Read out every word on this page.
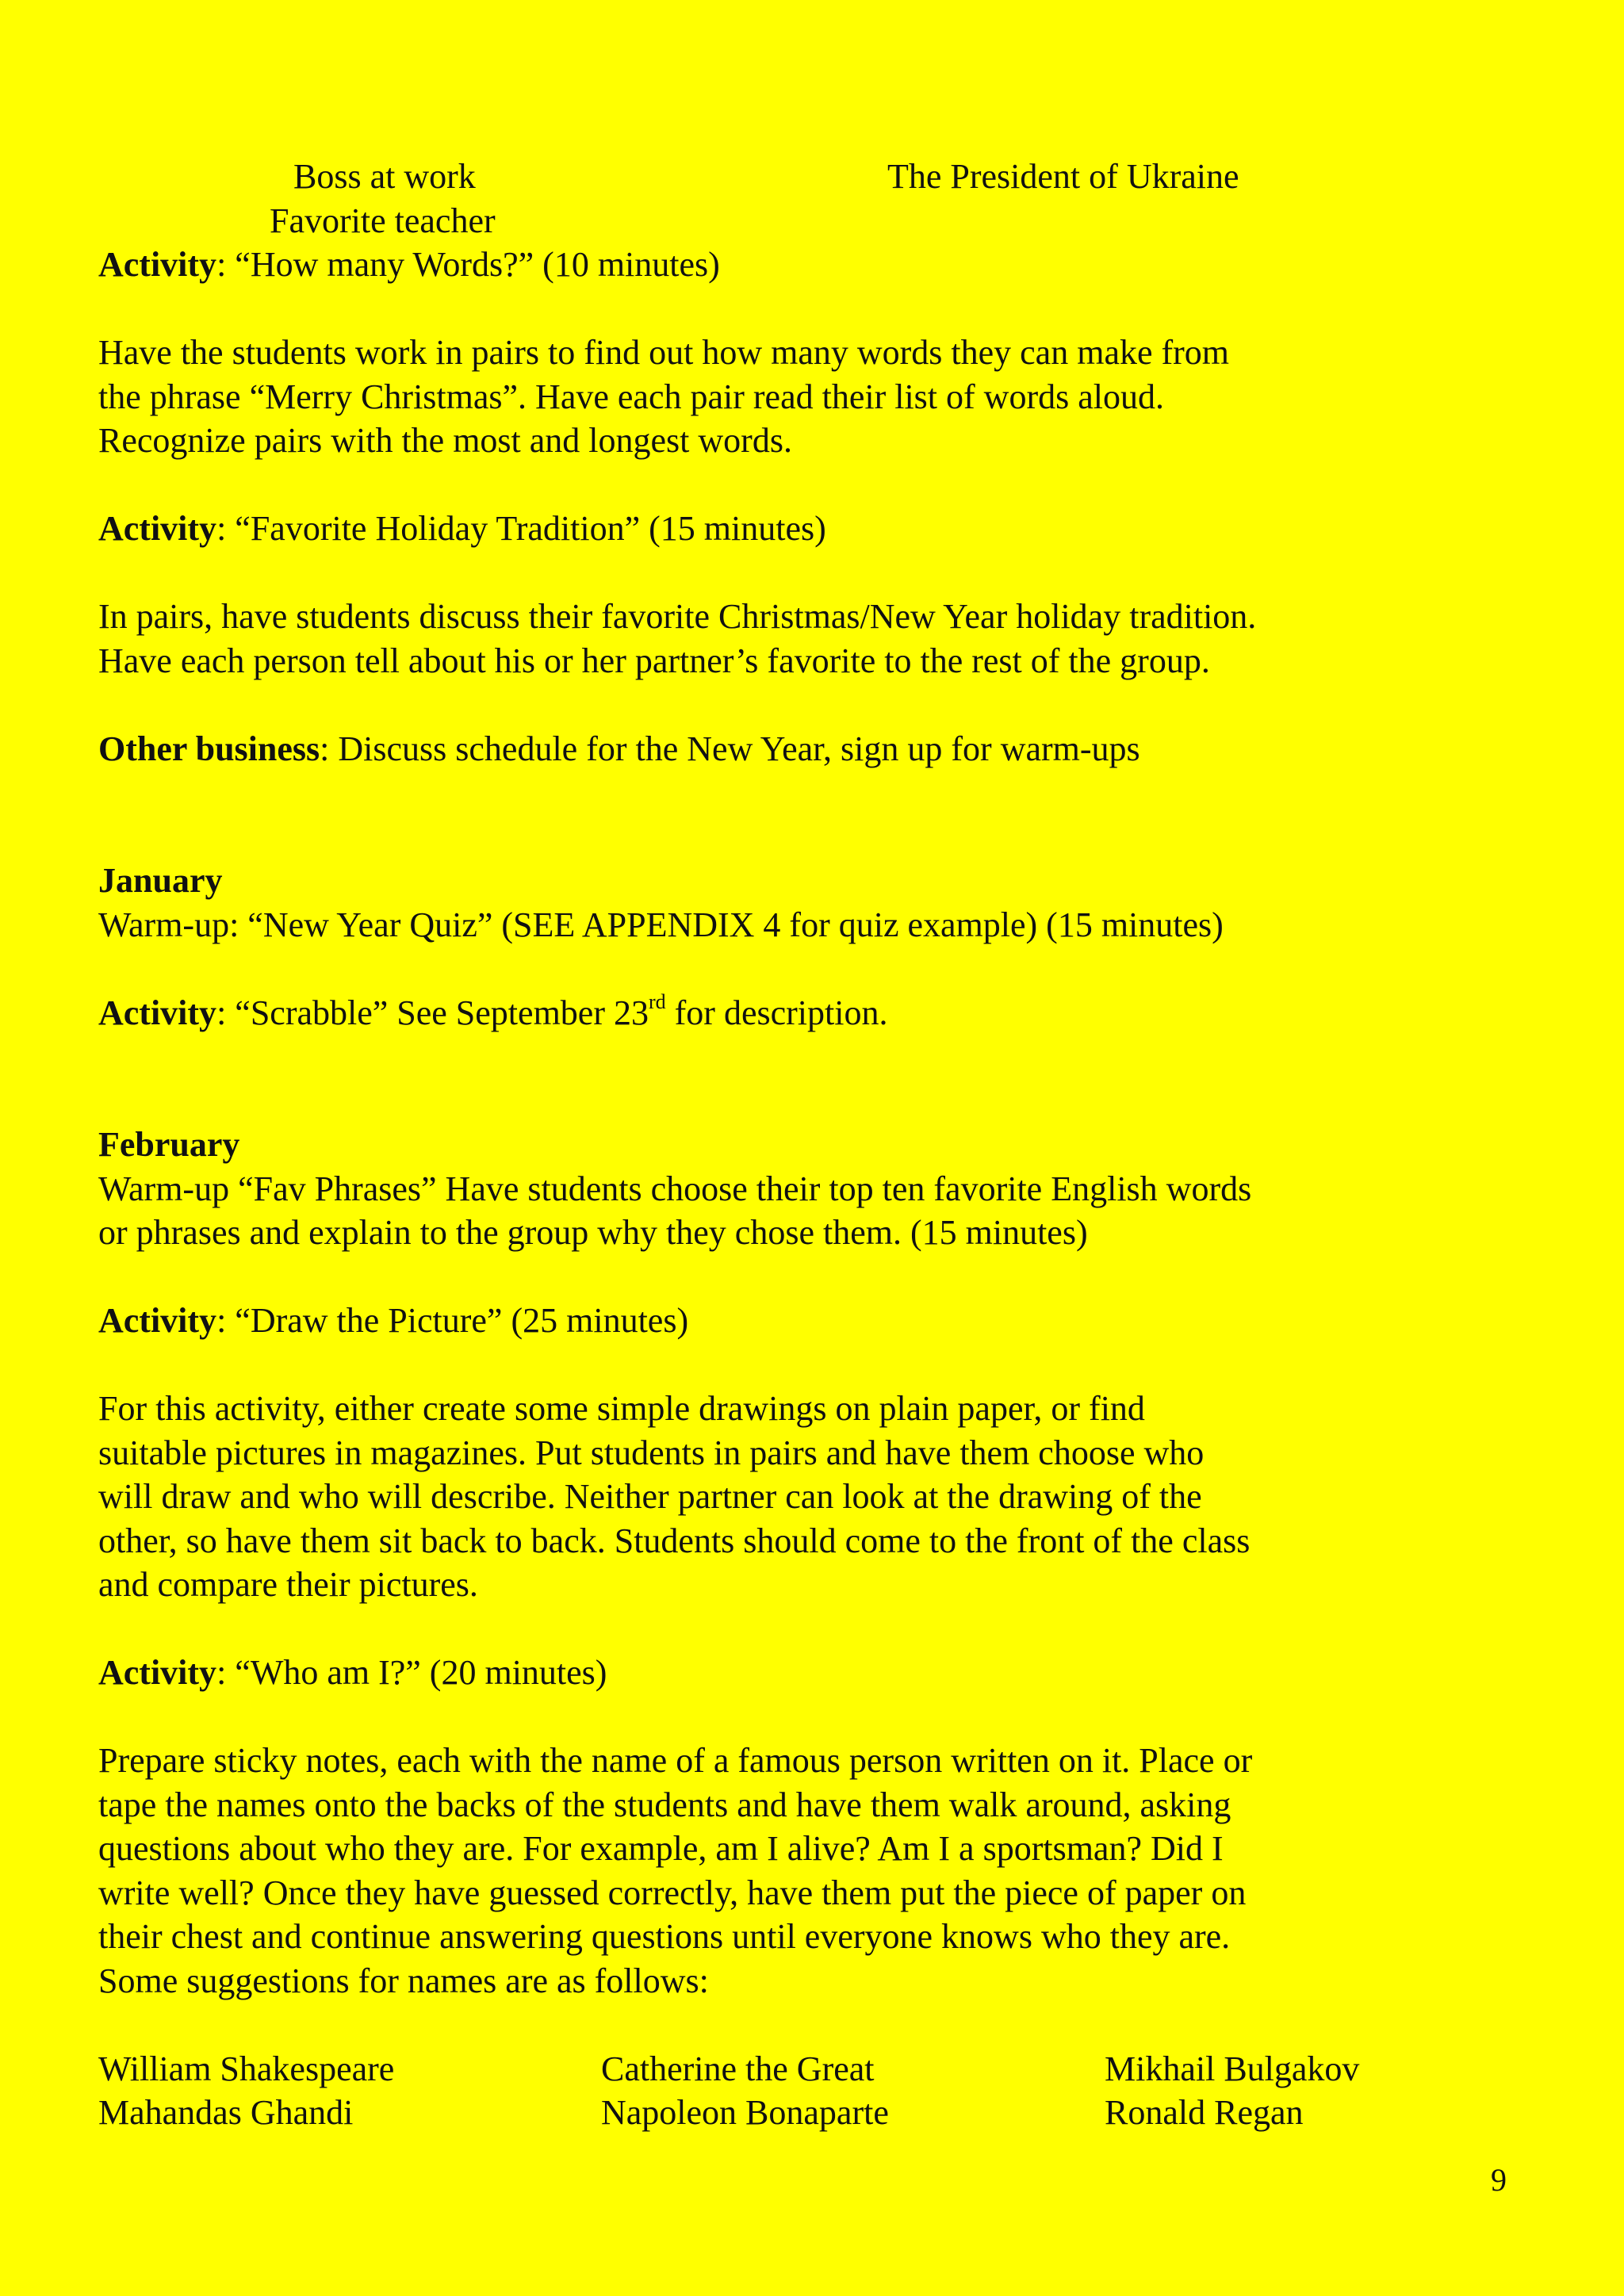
Boss at work	The President of Ukraine
Favorite teacher
Activity: “How many Words?” (10 minutes)
Have the students work in pairs to find out how many words they can make from
the phrase “Merry Christmas”. Have each pair read their list of words aloud.
Recognize pairs with the most and longest words.
Activity: “Favorite Holiday Tradition” (15 minutes)
In pairs, have students discuss their favorite Christmas/New Year holiday tradition.
Have each person tell about his or her partner’s favorite to the rest of the group.
Other business: Discuss schedule for the New Year, sign up for warm-ups
January
Warm-up: “New Year Quiz” (SEE APPENDIX 4 for quiz example) (15 minutes)
Activity: “Scrabble” See September 23rd for description.
February
Warm-up “Fav Phrases” Have students choose their top ten favorite English words
or phrases and explain to the group why they chose them. (15 minutes)
Activity: “Draw the Picture” (25 minutes)
For this activity, either create some simple drawings on plain paper, or find
suitable pictures in magazines. Put students in pairs and have them choose who
will draw and who will describe. Neither partner can look at the drawing of the
other, so have them sit back to back. Students should come to the front of the class
and compare their pictures.
Activity: “Who am I?” (20 minutes)
Prepare sticky notes, each with the name of a famous person written on it. Place or
tape the names onto the backs of the students and have them walk around, asking
questions about who they are. For example, am I alive? Am I a sportsman? Did I
write well? Once they have guessed correctly, have them put the piece of paper on
their chest and continue answering questions until everyone knows who they are.
Some suggestions for names are as follows:
William Shakespeare	Catherine the Great	Mikhail Bulgakov
Mahandas Ghandi	Napoleon Bonaparte	Ronald Regan
9
